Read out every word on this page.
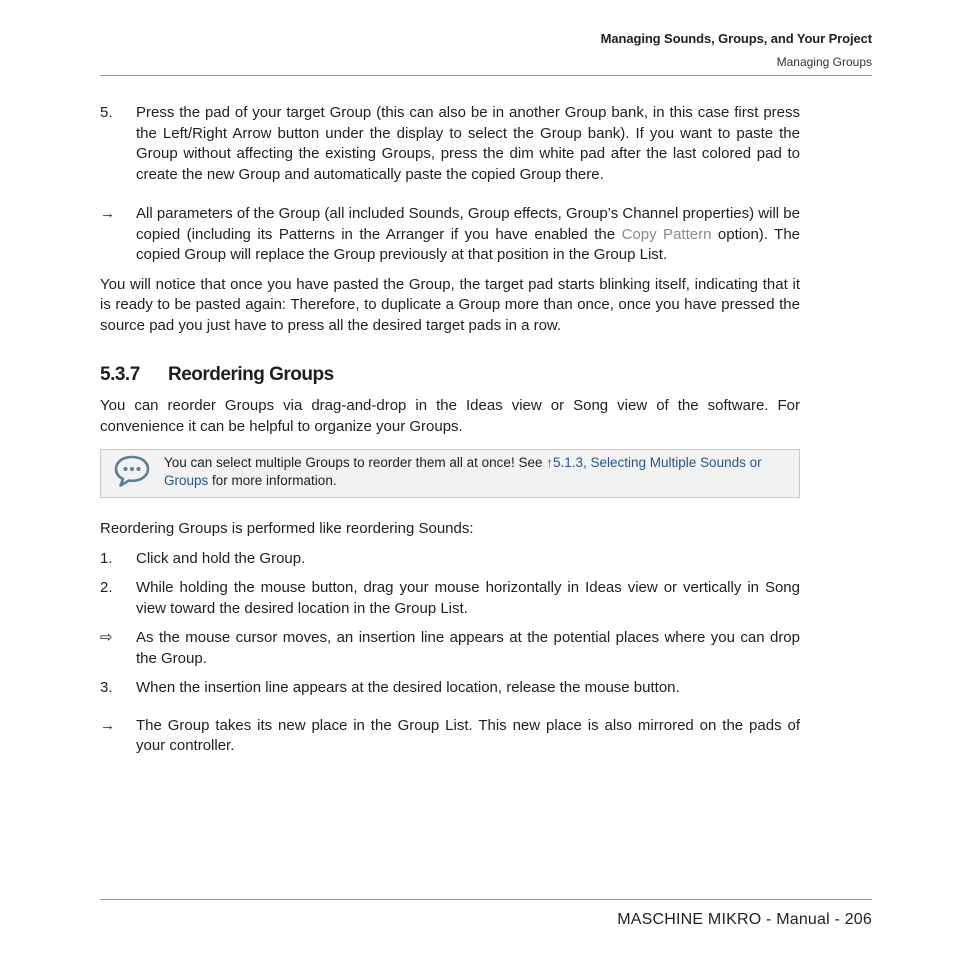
Managing Sounds, Groups, and Your Project
Managing Groups
5. Press the pad of your target Group (this can also be in another Group bank, in this case first press the Left/Right Arrow button under the display to select the Group bank). If you want to paste the Group without affecting the existing Groups, press the dim white pad after the last colored pad to create the new Group and automatically paste the copied Group there.
→ All parameters of the Group (all included Sounds, Group effects, Group’s Channel properties) will be copied (including its Patterns in the Arranger if you have enabled the Copy Pattern option). The copied Group will replace the Group previously at that position in the Group List.

You will notice that once you have pasted the Group, the target pad starts blinking itself, indicating that it is ready to be pasted again: Therefore, to duplicate a Group more than once, once you have pressed the source pad you just have to press all the desired target pads in a row.

5.3.7 Reordering Groups

You can reorder Groups via drag-and-drop in the Ideas view or Song view of the software. For convenience it can be helpful to organize your Groups.

You can select multiple Groups to reorder them all at once! See ↑5.1.3, Selecting Multiple Sounds or Groups for more information.

Reordering Groups is performed like reordering Sounds:

1. Click and hold the Group.
2. While holding the mouse button, drag your mouse horizontally in Ideas view or vertically in Song view toward the desired location in the Group List.
⇨ As the mouse cursor moves, an insertion line appears at the potential places where you can drop the Group.
3. When the insertion line appears at the desired location, release the mouse button.
→ The Group takes its new place in the Group List. This new place is also mirrored on the pads of your controller.
MASCHINE MIKRO - Manual - 206
